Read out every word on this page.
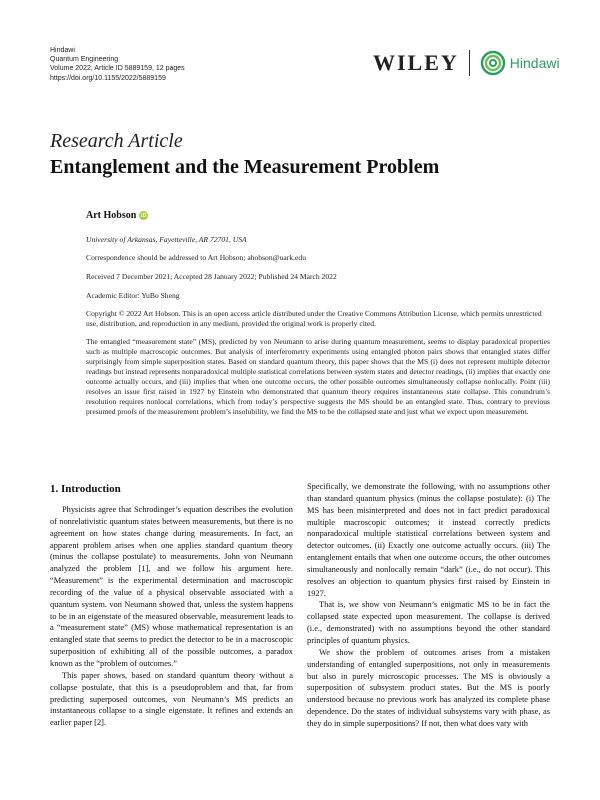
Hindawi
Quantum Engineering
Volume 2022, Article ID 5889159, 12 pages
https://doi.org/10.1155/2022/5889159
WILEY	Hindawi
Research Article
Entanglement and the Measurement Problem
Art Hobson iD
University of Arkansas, Fayetteville, AR 72701, USA
Correspondence should be addressed to Art Hobson; ahobson@uark.edu
Received 7 December 2021; Accepted 28 January 2022; Published 24 March 2022
Academic Editor: YuBo Sheng
Copyright © 2022 Art Hobson. This is an open access article distributed under the Creative Commons Attribution License, which permits unrestricted use, distribution, and reproduction in any medium, provided the original work is properly cited.
The entangled “measurement state” (MS), predicted by von Neumann to arise during quantum measurement, seems to display paradoxical properties such as multiple macroscopic outcomes. But analysis of interferometry experiments using entangled photon pairs shows that entangled states differ surprisingly from simple superposition states. Based on standard quantum theory, this paper shows that the MS (i) does not represent multiple detector readings but instead represents nonparadoxical multiple statistical correlations between system states and detector readings, (ii) implies that exactly one outcome actually occurs, and (iii) implies that when one outcome occurs, the other possible outcomes simultaneously collapse nonlocally. Point (iii) resolves an issue first raised in 1927 by Einstein who demonstrated that quantum theory requires instantaneous state collapse. This conundrum’s resolution requires nonlocal correlations, which from today’s perspective suggests the MS should be an entangled state. Thus, contrary to previous presumed proofs of the measurement problem’s insolubility, we find the MS to be the collapsed state and just what we expect upon measurement.
1. Introduction

Physicists agree that Schrodinger’s equation describes the evolution of nonrelativistic quantum states between measurements, but there is no agreement on how states change during measurements. In fact, an apparent problem arises when one applies standard quantum theory (minus the collapse postulate) to measurements. John von Neumann analyzed the problem [1], and we follow his argument here. “Measurement” is the experimental determination and macroscopic recording of the value of a physical observable associated with a quantum system. von Neumann showed that, unless the system happens to be in an eigenstate of the measured observable, measurement leads to a “measurement state” (MS) whose mathematical representation is an entangled state that seems to predict the detector to be in a macroscopic superposition of exhibiting all of the possible outcomes, a paradox known as the “problem of outcomes.”

This paper shows, based on standard quantum theory without a collapse postulate, that this is a pseudoproblem and that, far from predicting superposed outcomes, von Neumann’s MS predicts an instantaneous collapse to a single eigenstate. It refines and extends an earlier paper [2].

Specifically, we demonstrate the following, with no assumptions other than standard quantum physics (minus the collapse postulate): (i) The MS has been misinterpreted and does not in fact predict paradoxical multiple macroscopic outcomes; it instead correctly predicts nonparadoxical multiple statistical correlations between system and detector outcomes. (ii) Exactly one outcome actually occurs. (iii) The entanglement entails that when one outcome occurs, the other outcomes simultaneously and nonlocally remain “dark” (i.e., do not occur). This resolves an objection to quantum physics first raised by Einstein in 1927.

That is, we show von Neumann’s enigmatic MS to be in fact the collapsed state expected upon measurement. The collapse is derived (i.e., demonstrated) with no assumptions beyond the other standard principles of quantum physics.

We show the problem of outcomes arises from a mistaken understanding of entangled superpositions, not only in measurements but also in purely microscopic processes. The MS is obviously a superposition of subsystem product states. But the MS is poorly understood because no previous work has analyzed its complete phase dependence. Do the states of individual subsystems vary with phase, as they do in simple superpositions? If not, then what does vary with
